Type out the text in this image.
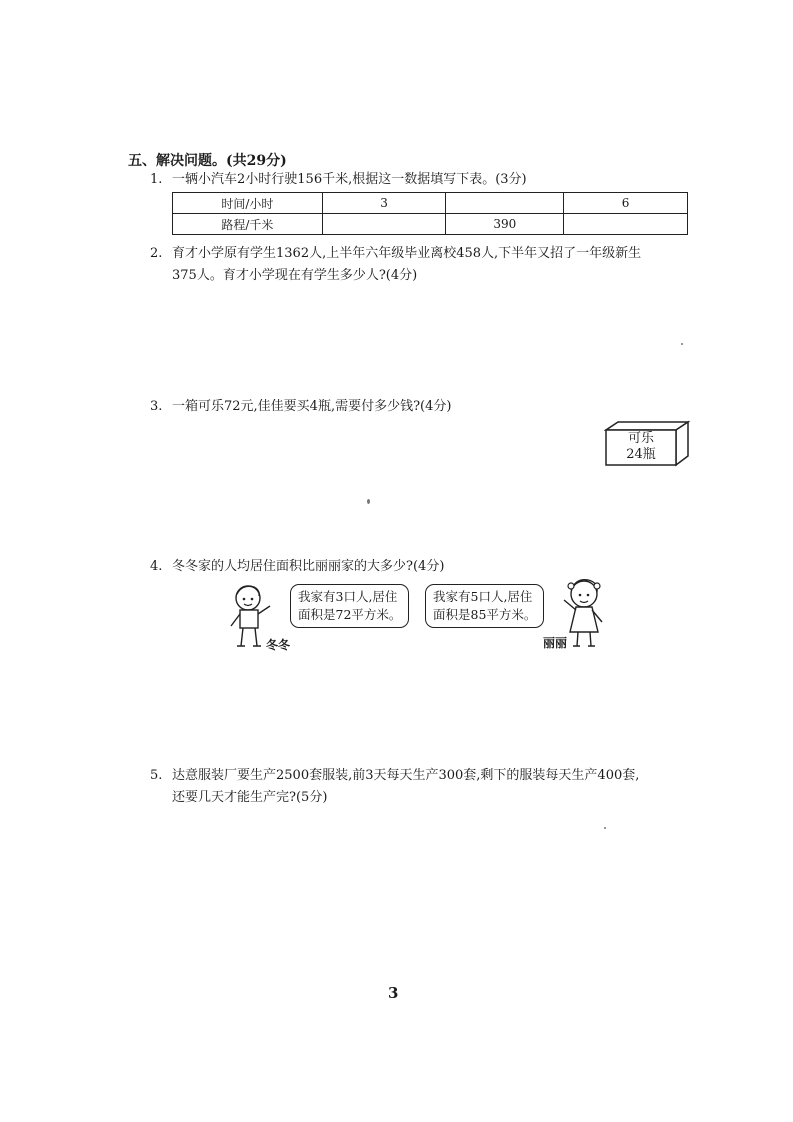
五、解决问题。(共29分)
1. 一辆小汽车2小时行驶156千米,根据这一数据填写下表。(3分)
时间/小时	3		6
路程/千米		390	
2. 育才小学原有学生1362人,上半年六年级毕业离校458人,下半年又招了一年级新生
375人。育才小学现在有学生多少人?(4分)
3. 一箱可乐72元,佳佳要买4瓶,需要付多少钱?(4分)
可乐
24瓶
4. 冬冬家的人均居住面积比丽丽家的大多少?(4分)
我家有3口人,居住
面积是72平方米。
冬冬
我家有5口人,居住
面积是85平方米。
丽丽
5. 达意服装厂要生产2500套服装,前3天每天生产300套,剩下的服装每天生产400套,
还要几天才能生产完?(5分)
3
